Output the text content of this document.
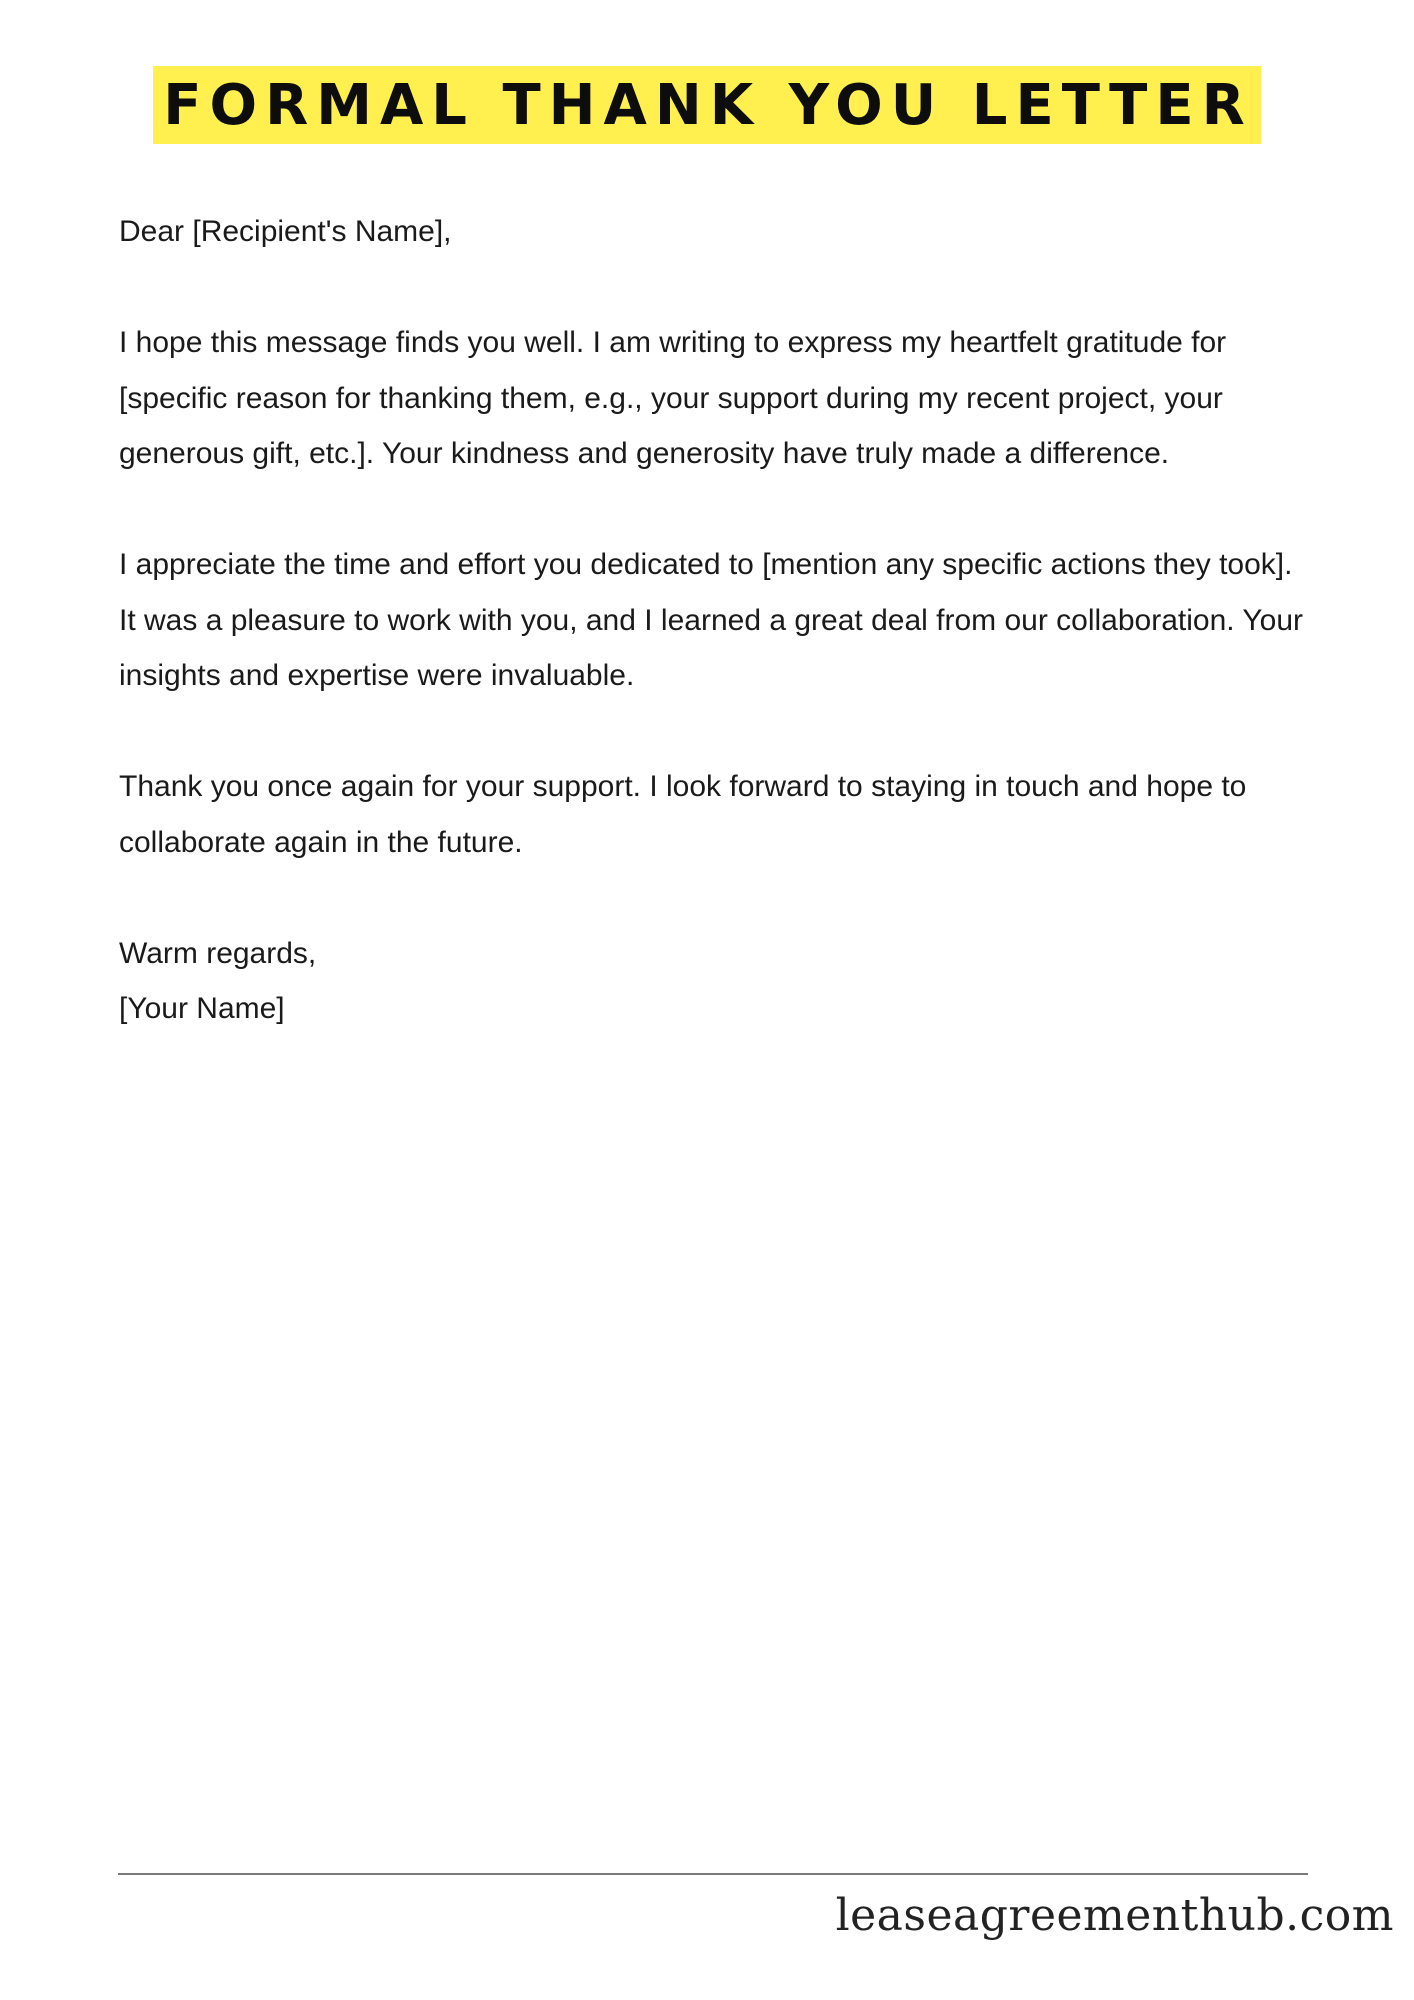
FORMAL THANK YOU LETTER

Dear [Recipient's Name],

I hope this message finds you well. I am writing to express my heartfelt gratitude for [specific reason for thanking them, e.g., your support during my recent project, your generous gift, etc.]. Your kindness and generosity have truly made a difference.

I appreciate the time and effort you dedicated to [mention any specific actions they took]. It was a pleasure to work with you, and I learned a great deal from our collaboration. Your insights and expertise were invaluable.

Thank you once again for your support. I look forward to staying in touch and hope to collaborate again in the future.

Warm regards,

[Your Name]

leaseagreementhub.com
